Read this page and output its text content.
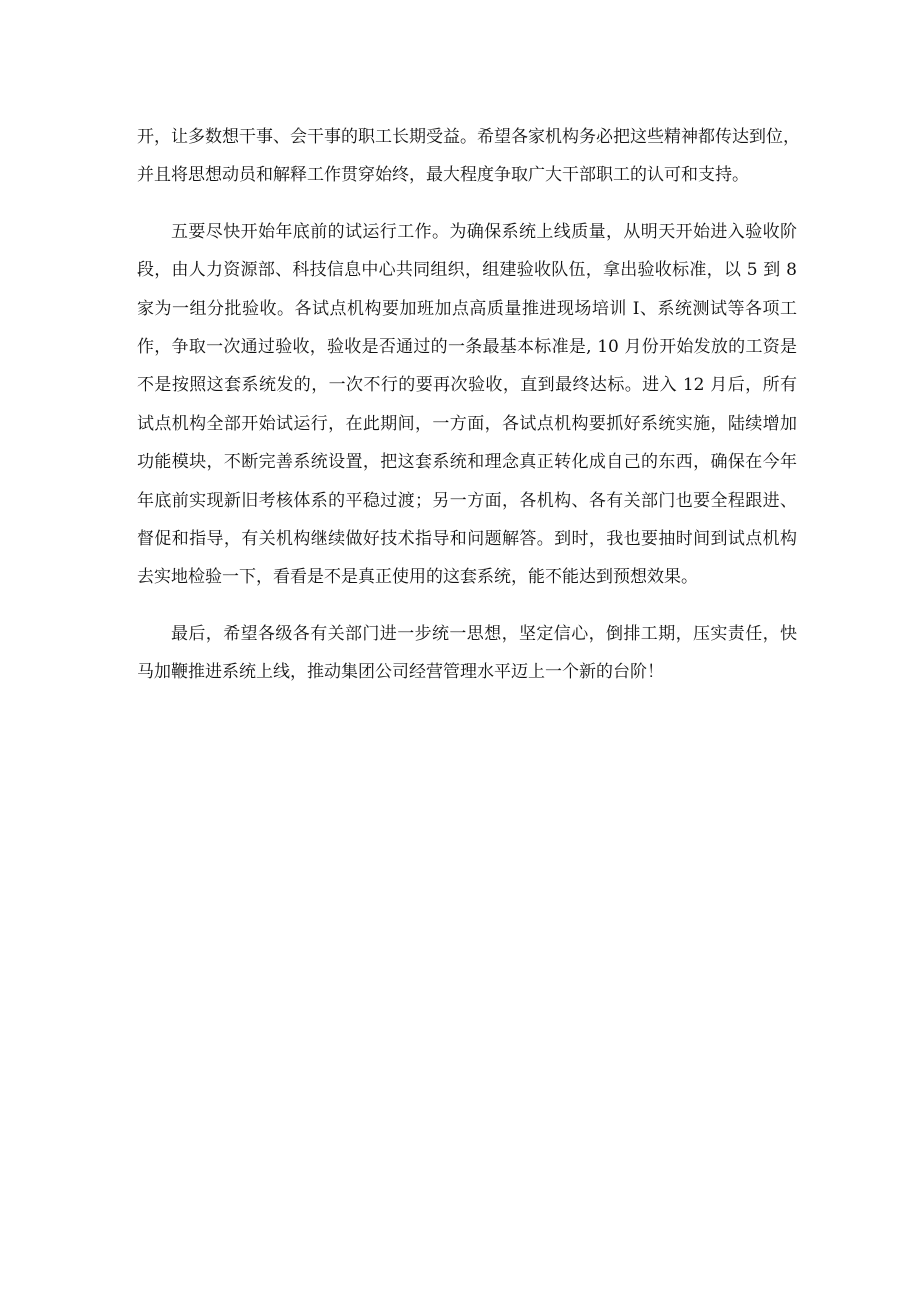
开，让多数想干事、会干事的职工长期受益。希望各家机构务必把这些精神都传达到位，
并且将思想动员和解释工作贯穿始终，最大程度争取广大干部职工的认可和支持。
五要尽快开始年底前的试运行工作。为确保系统上线质量，从明天开始进入验收阶
段，由人力资源部、科技信息中心共同组织，组建验收队伍，拿出验收标准，以 5 到 8
家为一组分批验收。各试点机构要加班加点高质量推进现场培训 I、系统测试等各项工
作，争取一次通过验收，验收是否通过的一条最基本标准是, 10 月份开始发放的工资是
不是按照这套系统发的，一次不行的要再次验收，直到最终达标。进入 12 月后，所有
试点机构全部开始试运行，在此期间，一方面，各试点机构要抓好系统实施，陆续增加
功能模块，不断完善系统设置，把这套系统和理念真正转化成自己的东西，确保在今年
年底前实现新旧考核体系的平稳过渡；另一方面，各机构、各有关部门也要全程跟进、
督促和指导，有关机构继续做好技术指导和问题解答。到时，我也要抽时间到试点机构
去实地检验一下，看看是不是真正使用的这套系统，能不能达到预想效果。
最后，希望各级各有关部门进一步统一思想，坚定信心，倒排工期，压实责任，快
马加鞭推进系统上线，推动集团公司经营管理水平迈上一个新的台阶！
